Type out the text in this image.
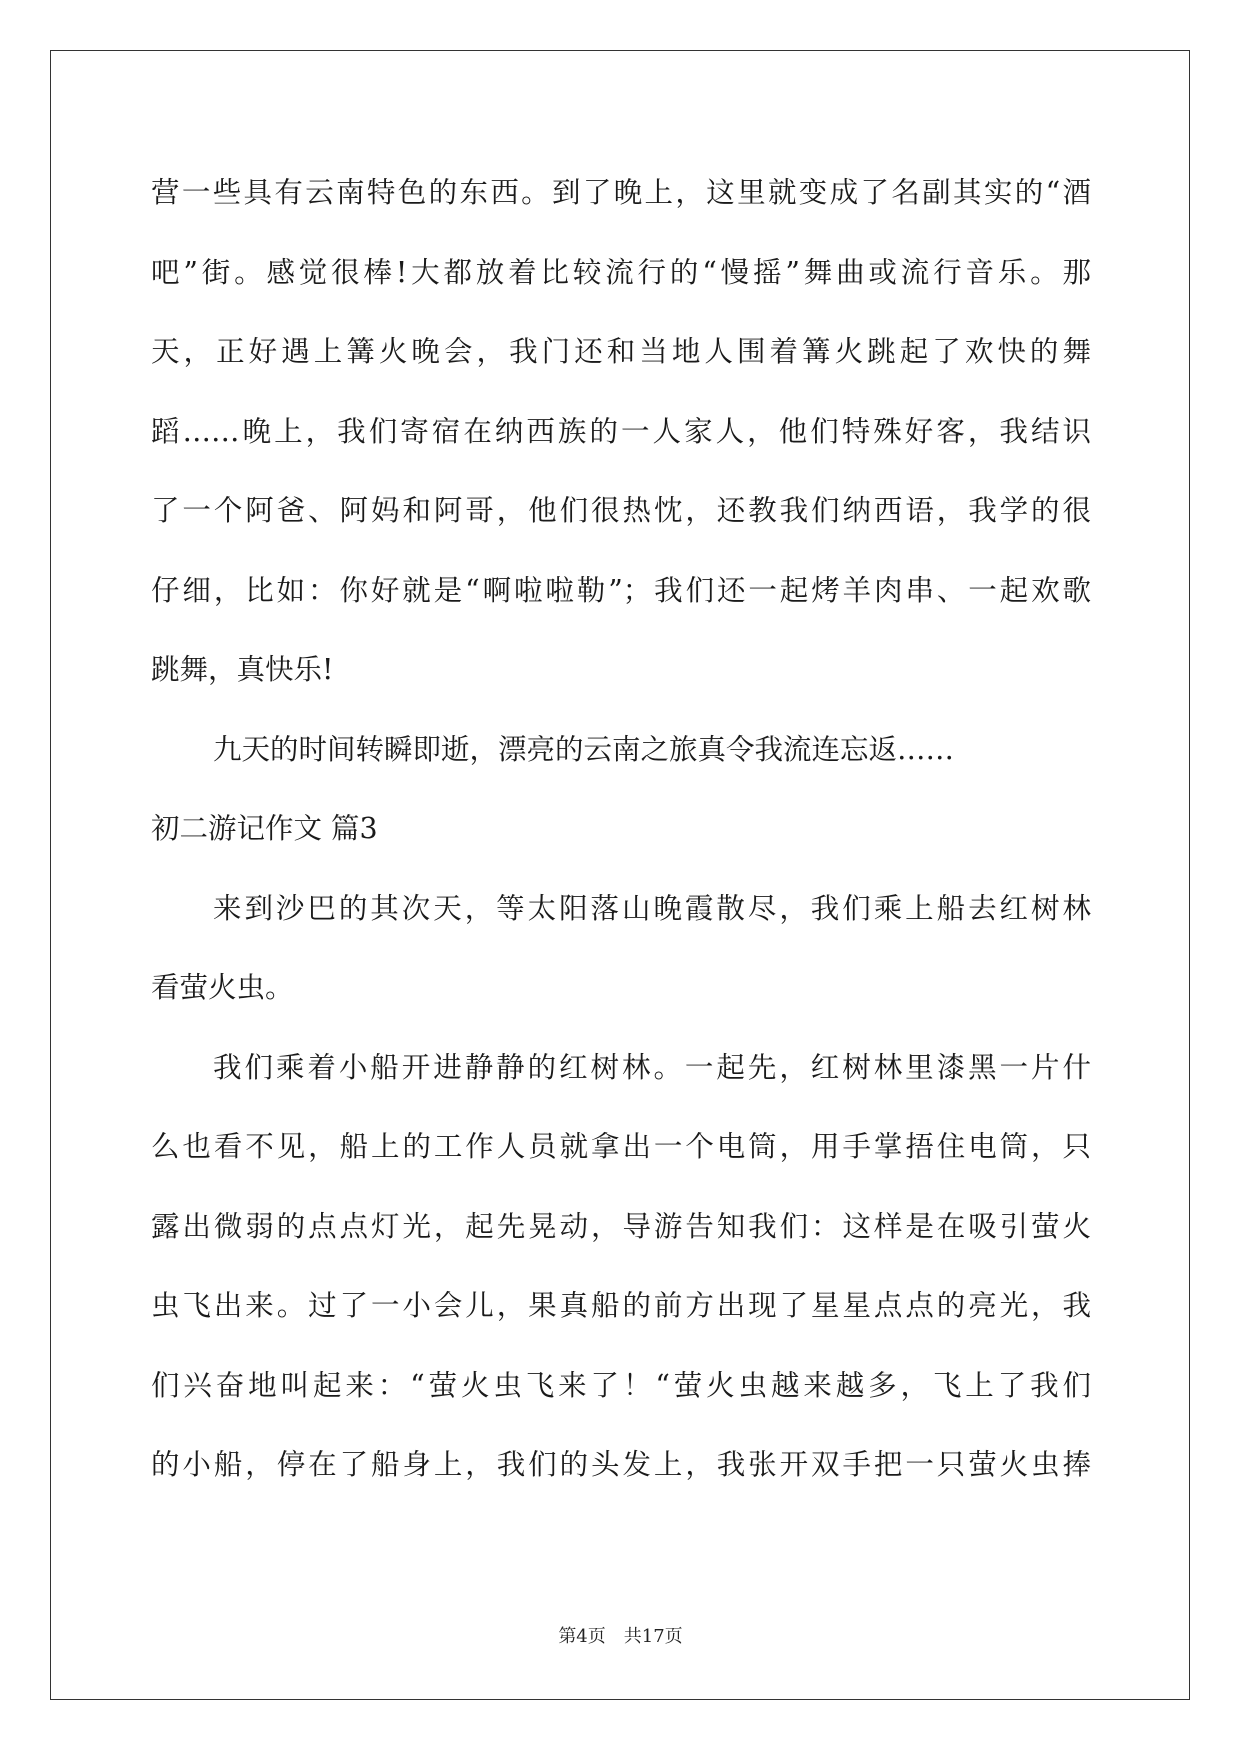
营一些具有云南特色的东西。到了晚上，这里就变成了名副其实的“酒
吧”街。感觉很棒!大都放着比较流行的“慢摇”舞曲或流行音乐。那
天，正好遇上篝火晚会，我门还和当地人围着篝火跳起了欢快的舞
蹈……晚上，我们寄宿在纳西族的一人家人，他们特殊好客，我结识
了一个阿爸、阿妈和阿哥，他们很热忱，还教我们纳西语，我学的很
仔细，比如：你好就是“啊啦啦勒”；我们还一起烤羊肉串、一起欢歌
跳舞，真快乐!
九天的时间转瞬即逝，漂亮的云南之旅真令我流连忘返……
初二游记作文 篇3
来到沙巴的其次天，等太阳落山晚霞散尽，我们乘上船去红树林
看萤火虫。
我们乘着小船开进静静的红树林。一起先，红树林里漆黑一片什
么也看不见，船上的工作人员就拿出一个电筒，用手掌捂住电筒，只
露出微弱的点点灯光，起先晃动，导游告知我们：这样是在吸引萤火
虫飞出来。过了一小会儿，果真船的前方出现了星星点点的亮光，我
们兴奋地叫起来：“萤火虫飞来了！“萤火虫越来越多，飞上了我们
的小船，停在了船身上，我们的头发上，我张开双手把一只萤火虫捧
第4页 共17页
